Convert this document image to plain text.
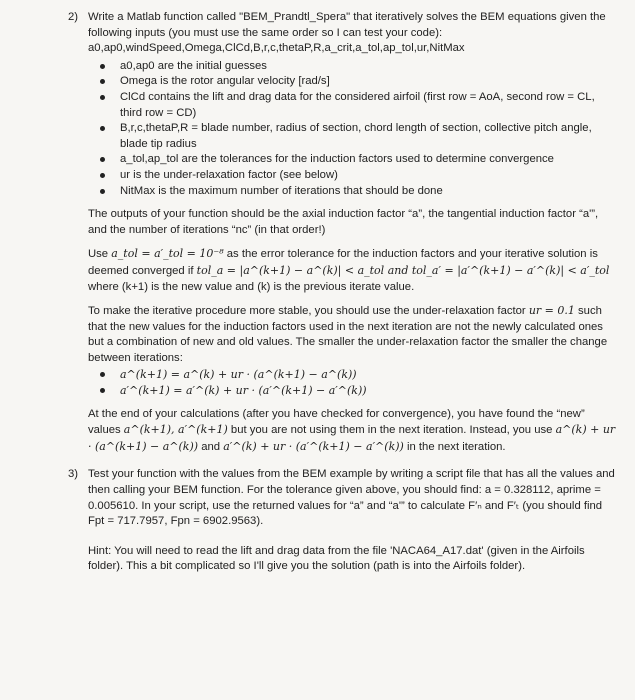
2) Write a Matlab function called "BEM_Prandtl_Spera" that iteratively solves the BEM equations given the following inputs (you must use the same order so I can test your code): a0,ap0,windSpeed,Omega,ClCd,B,r,c,thetaP,R,a_crit,a_tol,ap_tol,ur,NitMax

a0,ap0 are the initial guesses
Omega is the rotor angular velocity [rad/s]
ClCd contains the lift and drag data for the considered airfoil (first row = AoA, second row = CL, third row = CD)
B,r,c,thetaP,R = blade number, radius of section, chord length of section, collective pitch angle, blade tip radius
a_tol,ap_tol are the tolerances for the induction factors used to determine convergence
ur is the under-relaxation factor (see below)
NitMax is the maximum number of iterations that should be done

The outputs of your function should be the axial induction factor “a”, the tangential induction factor “a'”, and the number of iterations “nc” (in that order!)

Use a_tol = a′_tol = 10⁻⁸ as the error tolerance for the induction factors and your iterative solution is deemed converged if tol_a = |a^(k+1) − a^(k)| < a_tol and tol_a′ = |a′^(k+1) − a′^(k)| < a′_tol where (k+1) is the new value and (k) is the previous iterate value.

To make the iterative procedure more stable, you should use the under-relaxation factor ur = 0.1 such that the new values for the induction factors used in the next iteration are not the newly calculated ones but a combination of new and old values. The smaller the under-relaxation factor the smaller the change between iterations:

a^(k+1) = a^(k) + ur · (a^(k+1) − a^(k))
a′^(k+1) = a′^(k) + ur · (a′^(k+1) − a′^(k))

At the end of your calculations (after you have checked for convergence), you have found the “new” values a^(k+1), a′^(k+1) but you are not using them in the next iteration. Instead, you use a^(k) + ur · (a^(k+1) − a^(k)) and a′^(k) + ur · (a′^(k+1) − a′^(k)) in the next iteration.

3) Test your function with the values from the BEM example by writing a script file that has all the values and then calling your BEM function. For the tolerance given above, you should find: a = 0.328112, aprime = 0.005610. In your script, use the returned values for “a” and “a'” to calculate F′ₙ and F′ₜ (you should find Fpt = 717.7957, Fpn = 6902.9563).

Hint: You will need to read the lift and drag data from the file 'NACA64_A17.dat' (given in the Airfoils folder). This a bit complicated so I'll give you the solution (path is into the Airfoils folder).
